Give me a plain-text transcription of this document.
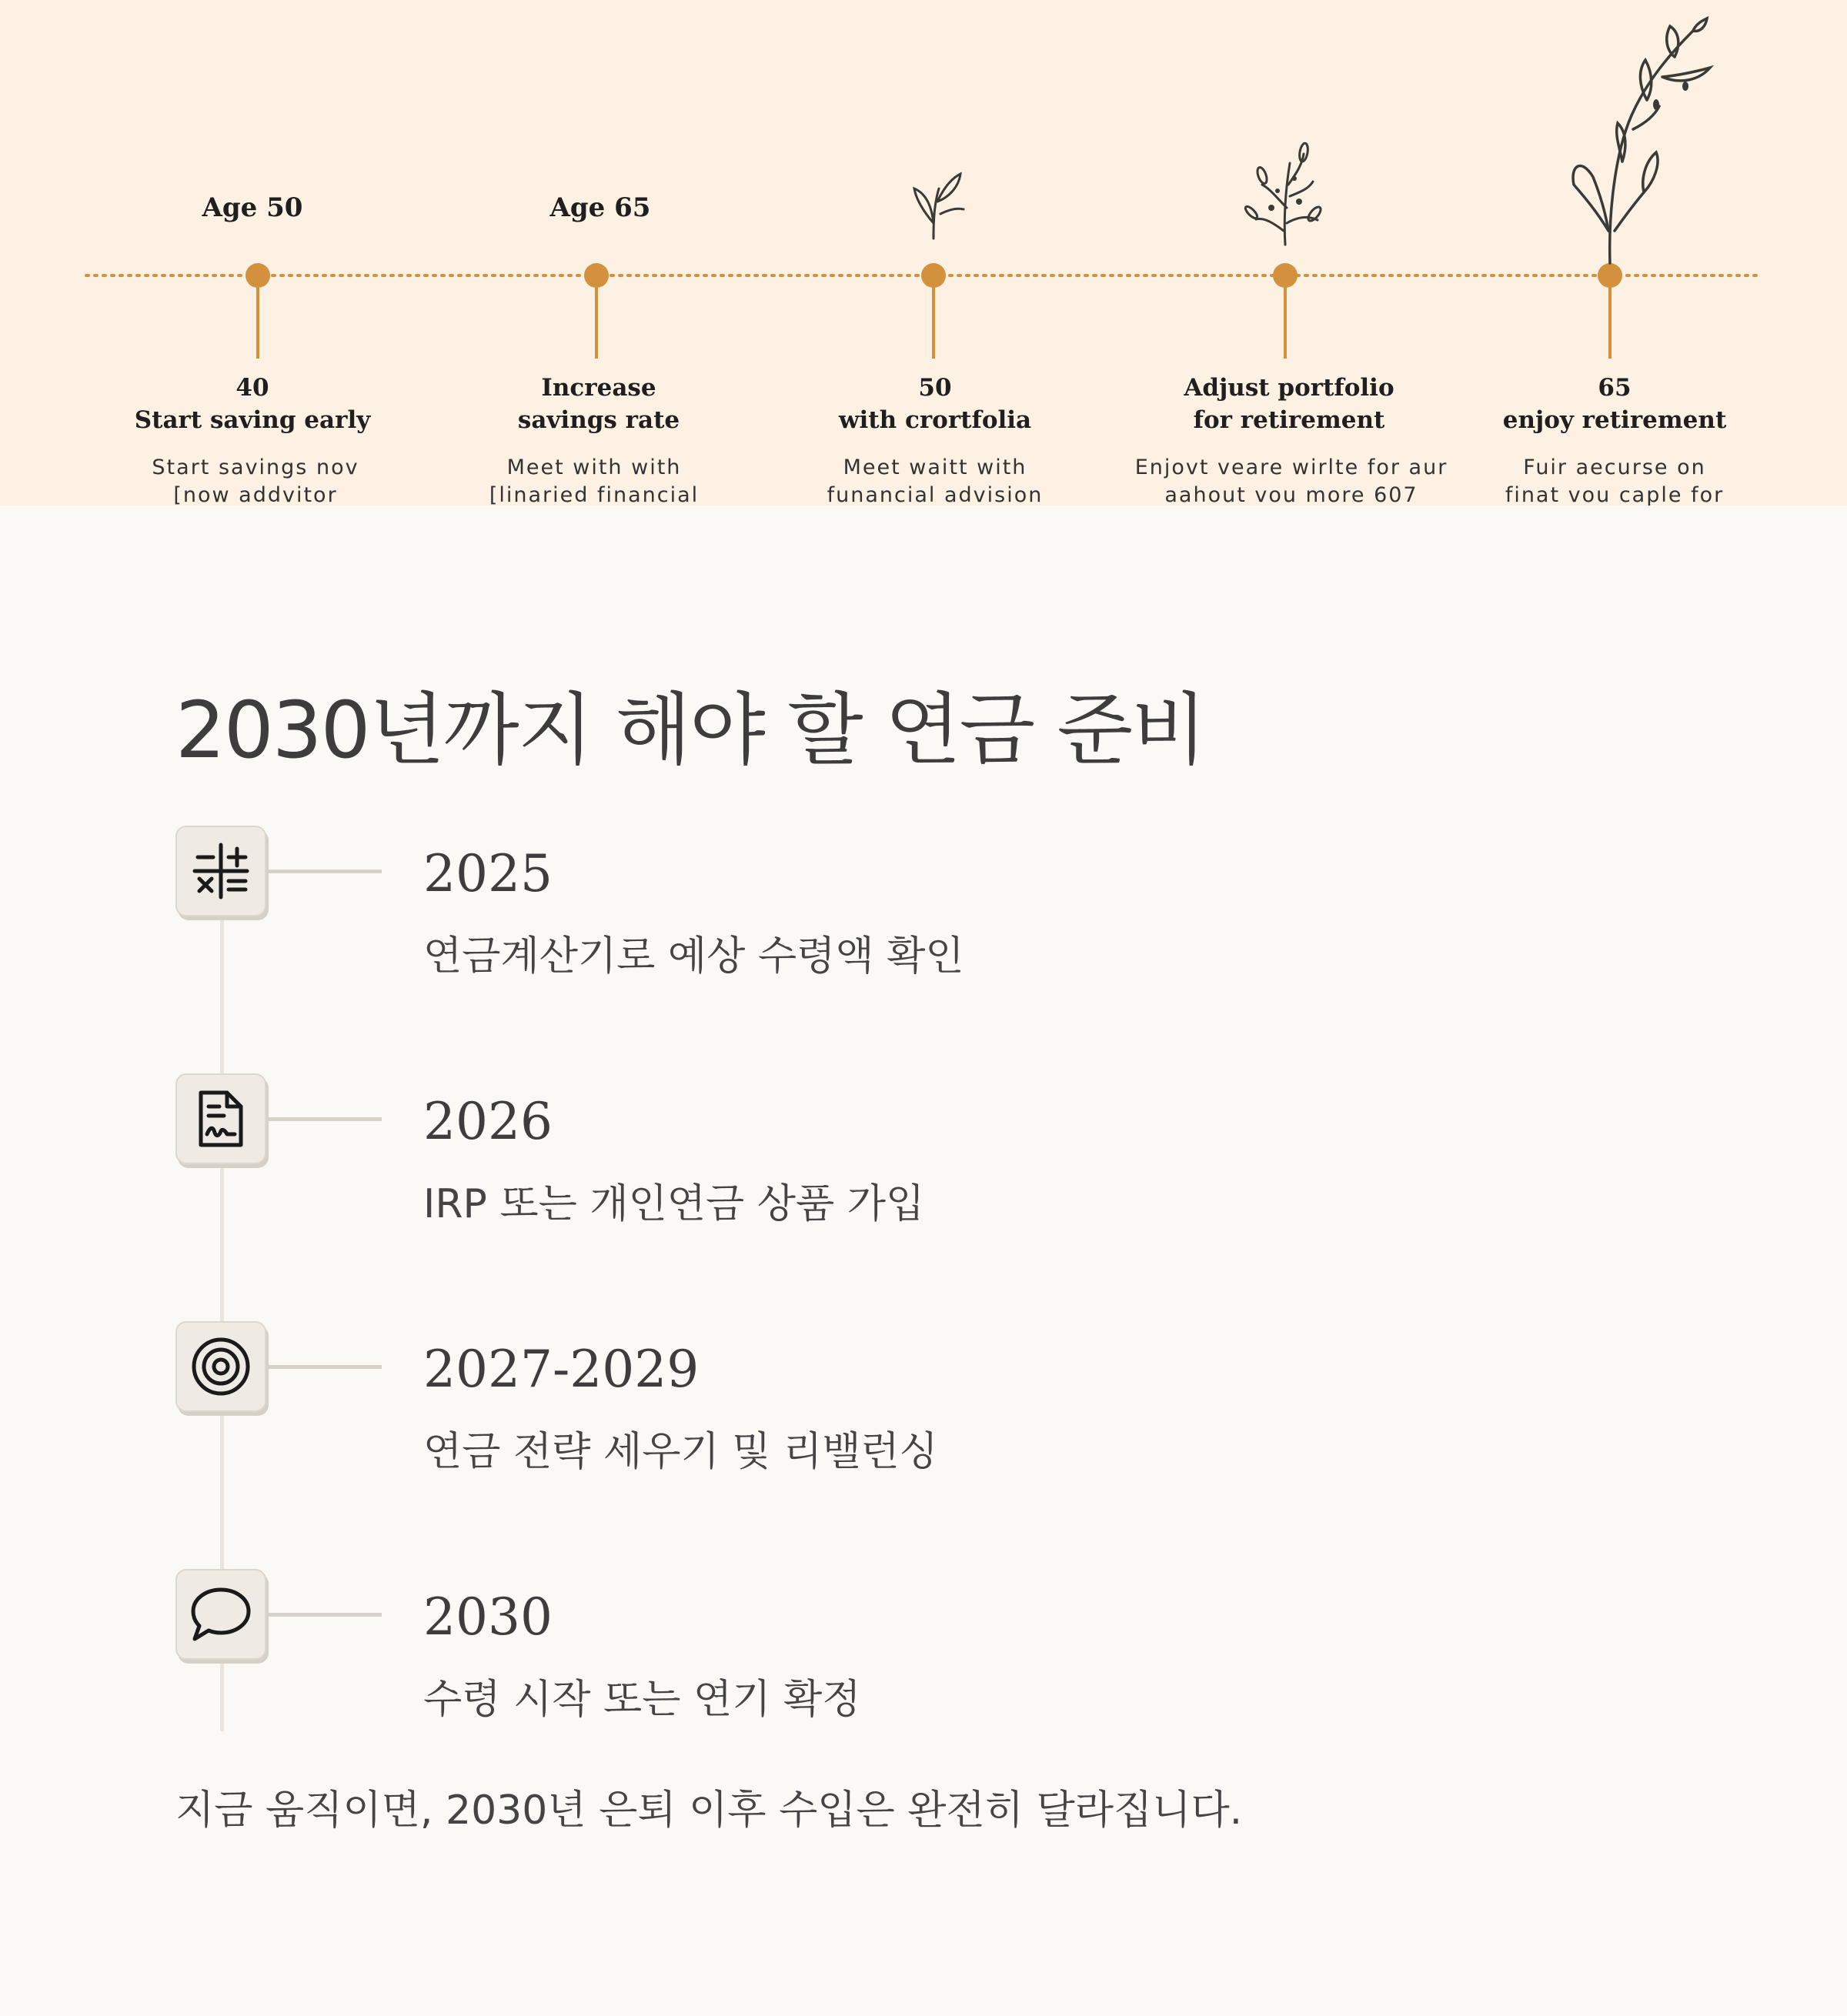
Age 50
40
Start saving early
Start savings nov
[now addvitor
Age 65
Increase
savings rate
Meet with with
[linaried financial
50
with crortfolia
Meet waitt with
funancial advision
Adjust portfolio
for retirement
Enjovt veare wirlte for aur
aahout vou more 607
65
enjoy retirement
Fuir aecurse on
finat vou caple for
2030년까지 해야 할 연금 준비
2025
연금계산기로 예상 수령액 확인
2026
IRP 또는 개인연금 상품 가입
2027-2029
연금 전략 세우기 및 리밸런싱
2030
수령 시작 또는 연기 확정
지금 움직이면, 2030년 은퇴 이후 수입은 완전히 달라집니다.
